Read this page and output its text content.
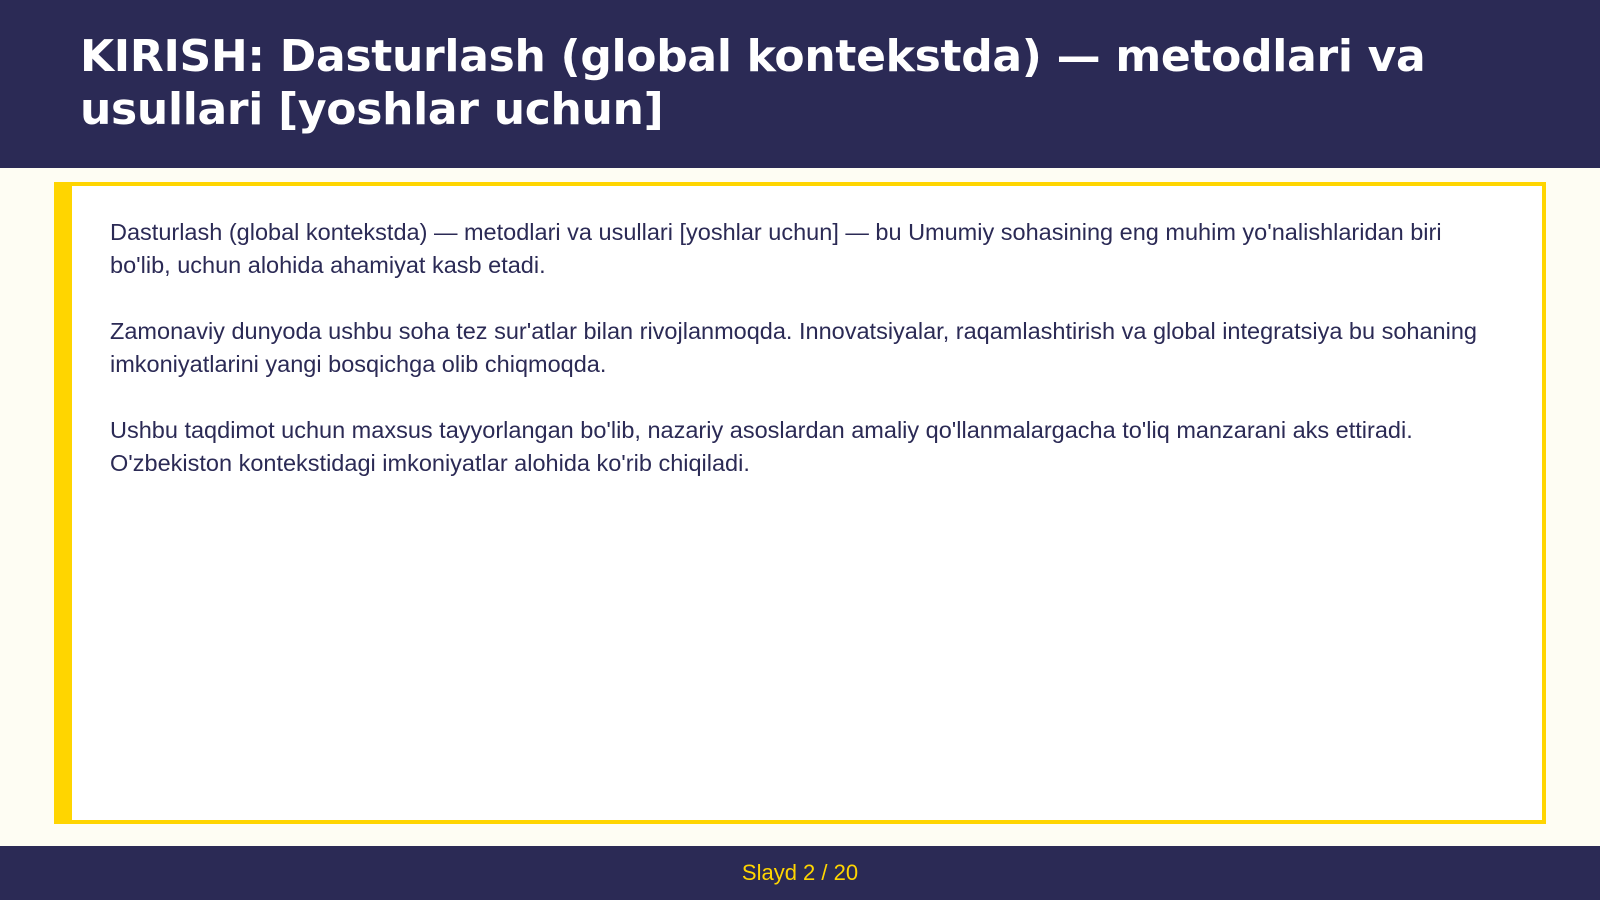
KIRISH: Dasturlash (global kontekstda) — metodlari va usullari [yoshlar uchun]

Dasturlash (global kontekstda) — metodlari va usullari [yoshlar uchun] — bu Umumiy sohasining eng muhim yo'nalishlaridan biri bo'lib, uchun alohida ahamiyat kasb etadi.

Zamonaviy dunyoda ushbu soha tez sur'atlar bilan rivojlanmoqda. Innovatsiyalar, raqamlashtirish va global integratsiya bu sohaning imkoniyatlarini yangi bosqichga olib chiqmoqda.

Ushbu taqdimot uchun maxsus tayyorlangan bo'lib, nazariy asoslardan amaliy qo'llanmalargacha to'liq manzarani aks ettiradi. O'zbekiston kontekstidagi imkoniyatlar alohida ko'rib chiqiladi.

Slayd 2 / 20
